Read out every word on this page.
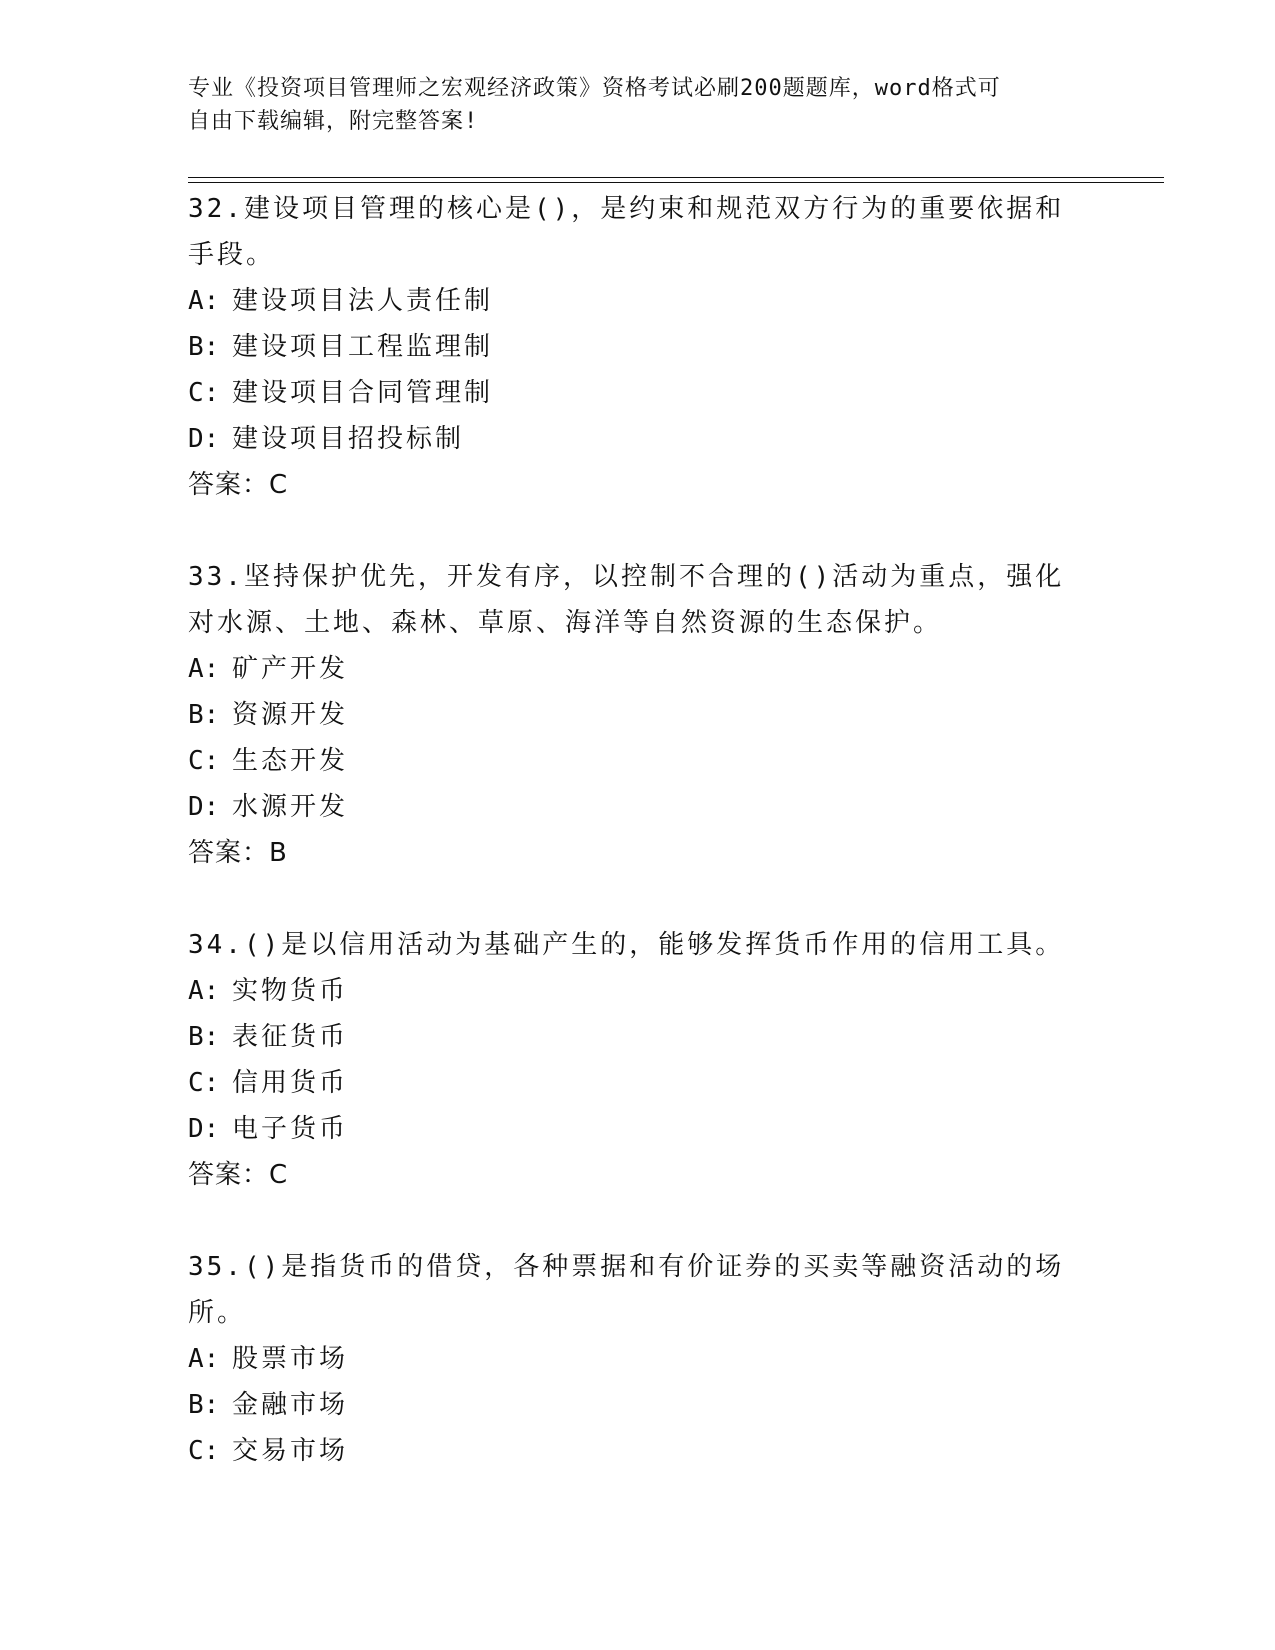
专业《投资项目管理师之宏观经济政策》资格考试必刷200题题库，word格式可
自由下载编辑，附完整答案!

32.建设项目管理的核心是()，是约束和规范双方行为的重要依据和手段。

A: 建设项目法人责任制

B: 建设项目工程监理制

C: 建设项目合同管理制

D: 建设项目招投标制

答案：C

33.坚持保护优先，开发有序，以控制不合理的()活动为重点，强化对水源、土地、森林、草原、海洋等自然资源的生态保护。

A: 矿产开发

B: 资源开发

C: 生态开发

D: 水源开发

答案：B

34.()是以信用活动为基础产生的，能够发挥货币作用的信用工具。

A: 实物货币

B: 表征货币

C: 信用货币

D: 电子货币

答案：C

35.()是指货币的借贷，各种票据和有价证券的买卖等融资活动的场所。

A: 股票市场

B: 金融市场

C: 交易市场
